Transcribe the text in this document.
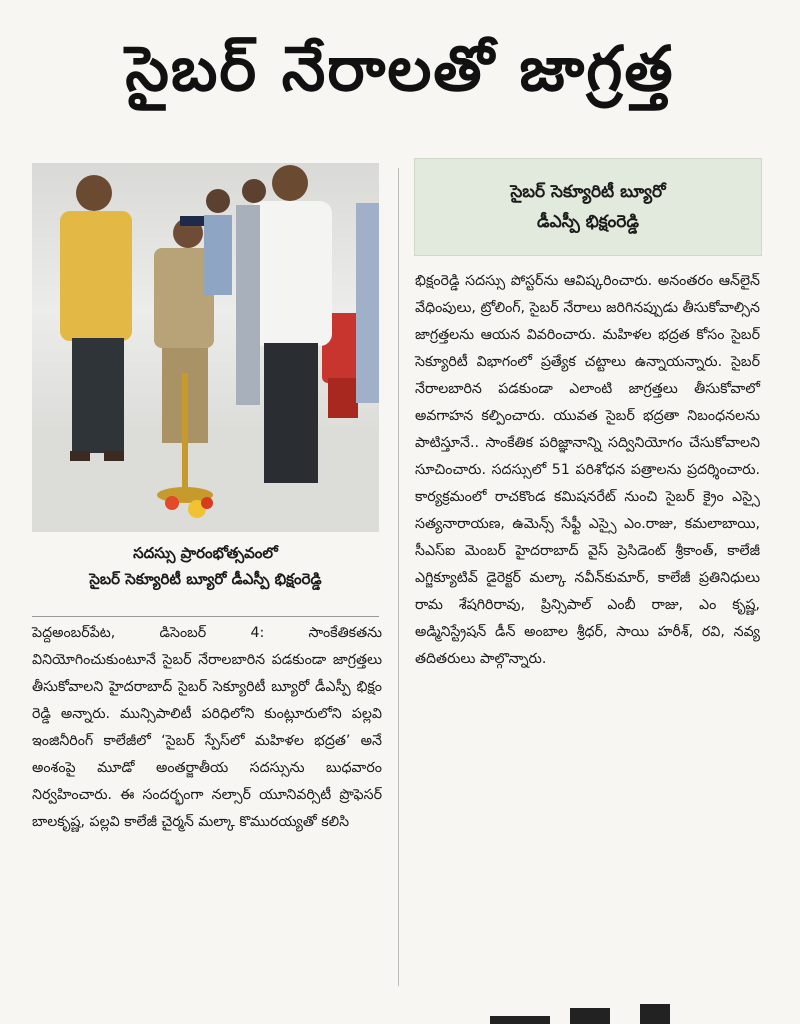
సైబర్ నేరాలతో జాగ్రత్త
సదస్సు ప్రారంభోత్సవంలో
సైబర్ సెక్యూరిటీ బ్యూరో డీఎస్పీ భిక్షంరెడ్డి

పెద్దఅంబర్‌పేట, డిసెంబర్ 4: సాంకేతికతను వినియోగించుకుంటూనే సైబర్ నేరాలబారిన పడకుండా జాగ్రత్తలు తీసుకోవాలని హైదరాబాద్ సైబర్ సెక్యూరిటీ బ్యూరో డీఎస్పీ భిక్షం రెడ్డి అన్నారు. మున్సిపాలిటీ పరిధిలోని కుంట్లూరులోని పల్లవి ఇంజినీరింగ్ కాలేజీలో ‘సైబర్ స్పేస్‌లో మహిళల భద్రత’ అనే అంశంపై మూడో అంతర్జాతీయ సదస్సును బుధవారం నిర్వహించారు. ఈ సందర్భంగా నల్సార్ యూనివర్సిటీ ప్రొఫెసర్ బాలకృష్ణ, పల్లవి కాలేజీ చైర్మన్ మల్కా కొమురయ్యతో కలిసి

సైబర్ సెక్యూరిటీ బ్యూరో
డీఎస్పీ భిక్షంరెడ్డి

భిక్షంరెడ్డి సదస్సు పోస్టర్‌ను ఆవిష్కరించారు. అనంతరం ఆన్‌లైన్ వేధింపులు, ట్రోలింగ్, సైబర్ నేరాలు జరిగినప్పుడు తీసుకోవాల్సిన జాగ్రత్తలను ఆయన వివరించారు. మహిళల భద్రత కోసం సైబర్ సెక్యూరిటీ విభాగంలో ప్రత్యేక చట్టాలు ఉన్నాయన్నారు. సైబర్ నేరాలబారిన పడకుండా ఎలాంటి జాగ్రత్తలు తీసుకోవాలో అవగాహన కల్పించారు. యువత సైబర్ భద్రతా నిబంధనలను పాటిస్తూనే.. సాంకేతిక పరిజ్ఞానాన్ని సద్వినియోగం చేసుకోవాలని సూచించారు. సదస్సులో 51 పరిశోధన పత్రాలను ప్రదర్శించారు. కార్యక్రమంలో రాచకొండ కమిషనరేట్ నుంచి సైబర్ క్రైం ఎస్సై సత్యనారాయణ, ఉమెన్స్ సేఫ్టీ ఎస్సై ఎం.రాజు, కమలాబాయి, సీఎస్ఐ మెంబర్ హైదరాబాద్ వైస్ ప్రెసిడెంట్ శ్రీకాంత్, కాలేజీ ఎగ్జిక్యూటివ్ డైరెక్టర్ మల్కా నవీన్‌కుమార్, కాలేజీ ప్రతినిధులు రామ శేషగిరిరావు, ప్రిన్సిపాల్ ఎంబీ రాజు, ఎం కృష్ణ, అడ్మినిస్ట్రేషన్ డీన్ అంబాల శ్రీధర్, సాయి హరీశ్, రవి, నవ్య తదితరులు పాల్గొన్నారు.
